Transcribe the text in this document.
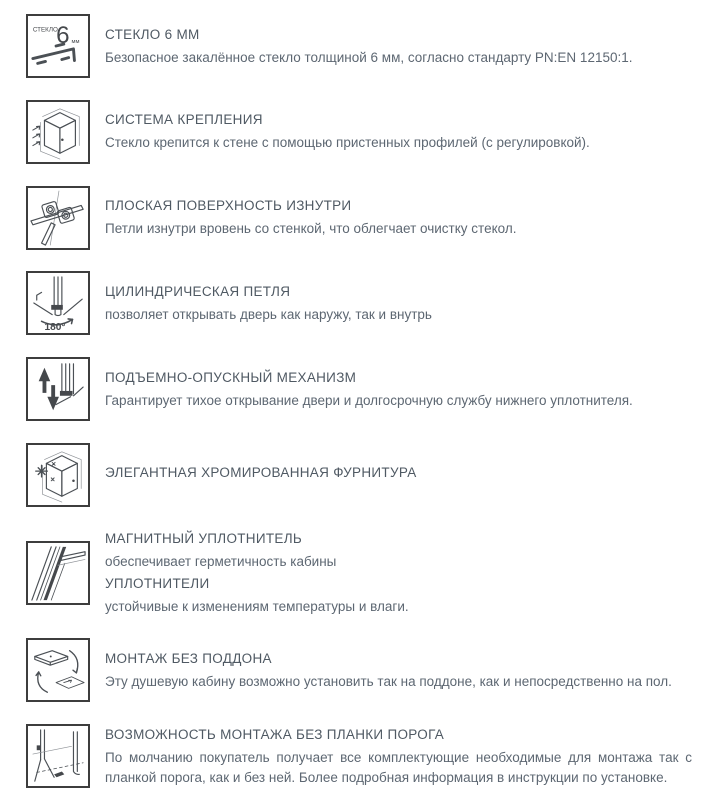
СТЕКЛО
6 мм

СТЕКЛО 6 ММ

Безопасное закалённое стекло толщиной 6 мм, согласно стандарту PN:EN 12150:1.

СИСТЕМА КРЕПЛЕНИЯ

Стекло крепится к стене с помощью пристенных профилей (с регулировкой).

ПЛОСКАЯ ПОВЕРХНОСТЬ ИЗНУТРИ

Петли изнутри вровень со стенкой, что облегчает очистку стекол.

180°

ЦИЛИНДРИЧЕСКАЯ ПЕТЛЯ

позволяет открывать дверь как наружу, так и внутрь

ПОДЪЕМНО-ОПУСКНЫЙ МЕХАНИЗМ

Гарантирует тихое открывание двери и долгосрочную службу нижнего уплотнителя.

ЭЛЕГАНТНАЯ ХРОМИРОВАННАЯ ФУРНИТУРА

МАГНИТНЫЙ УПЛОТНИТЕЛЬ

обеспечивает герметичность кабины

УПЛОТНИТЕЛИ

устойчивые к изменениям температуры и влаги.

МОНТАЖ БЕЗ ПОДДОНА

Эту душевую кабину возможно установить так на поддоне, как и непосредственно на пол.

ВОЗМОЖНОСТЬ МОНТАЖА БЕЗ ПЛАНКИ ПОРОГА

По молчанию покупатель получает все комплектующие необходимые для монтажа так с планкой порога, как и без ней. Более подробная информация в инструкции по установке.
